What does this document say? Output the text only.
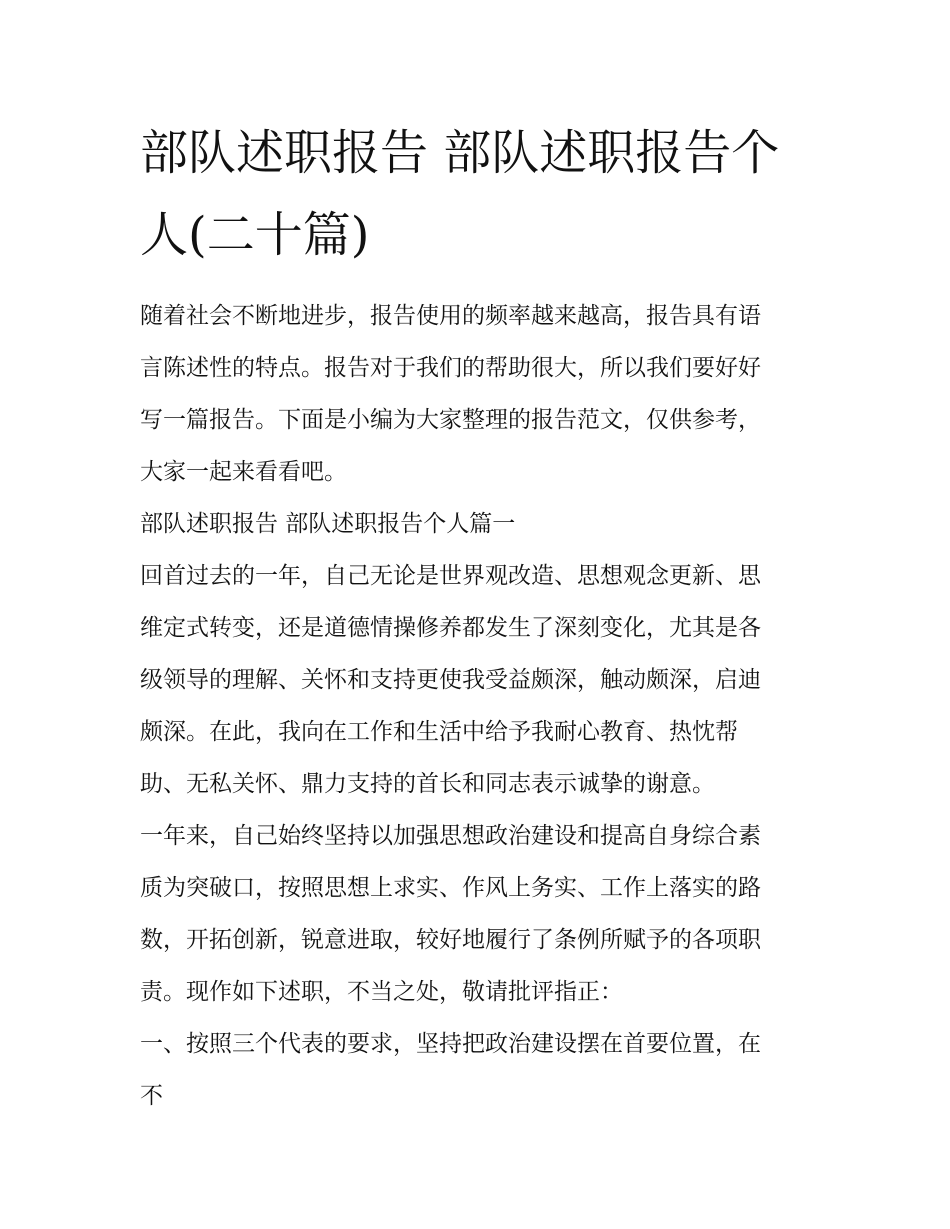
部队述职报告 部队述职报告个人(二十篇)
随着社会不断地进步，报告使用的频率越来越高，报告具有语
言陈述性的特点。报告对于我们的帮助很大，所以我们要好好
写一篇报告。下面是小编为大家整理的报告范文，仅供参考，
大家一起来看看吧。
部队述职报告 部队述职报告个人篇一
回首过去的一年，自己无论是世界观改造、思想观念更新、思
维定式转变，还是道德情操修养都发生了深刻变化，尤其是各
级领导的理解、关怀和支持更使我受益颇深，触动颇深，启迪
颇深。在此，我向在工作和生活中给予我耐心教育、热忱帮
助、无私关怀、鼎力支持的首长和同志表示诚挚的谢意。
一年来，自己始终坚持以加强思想政治建设和提高自身综合素
质为突破口，按照思想上求实、作风上务实、工作上落实的路
数，开拓创新，锐意进取，较好地履行了条例所赋予的各项职
责。现作如下述职，不当之处，敬请批评指正：
一、按照三个代表的要求，坚持把政治建设摆在首要位置，在
不
